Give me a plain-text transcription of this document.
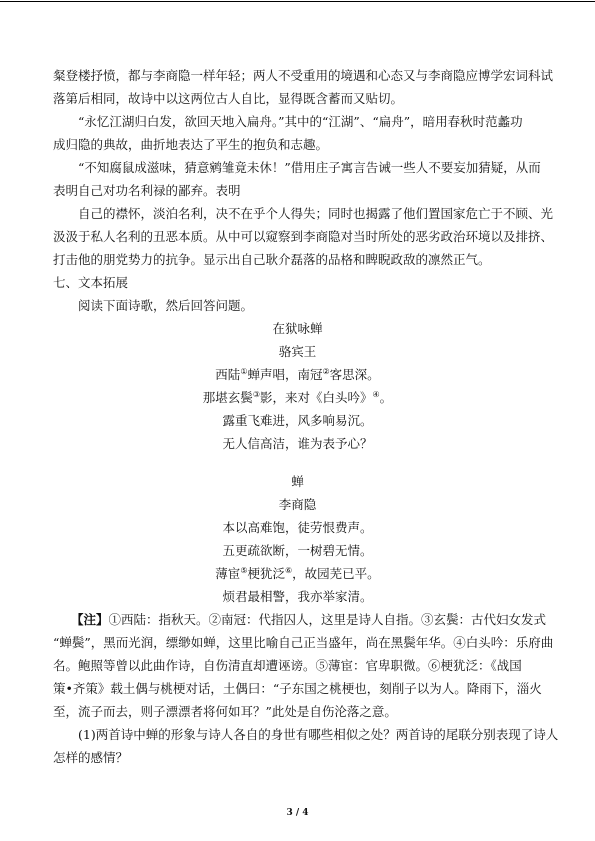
粲登楼抒愤，都与李商隐一样年轻；两人不受重用的境遇和心态又与李商隐应博学宏词科试
落第后相同，故诗中以这两位古人自比，显得既含蓄而又贴切。
“永忆江湖归白发，欲回天地入扁舟。”其中的“江湖”、“扁舟”，暗用春秋时范蠡功
成归隐的典故，曲折地表达了平生的抱负和志趣。
“不知腐鼠成滋味，猜意鹓雏竟未休！”借用庄子寓言告诫一些人不要妄加猜疑，从而
表明自己对功名利禄的鄙弃。表明
自己的襟怀，淡泊名利，决不在乎个人得失；同时也揭露了他们置国家危亡于不顾、光
汲汲于私人名利的丑恶本质。从中可以窥察到李商隐对当时所处的恶劣政治环境以及排挤、
打击他的朋党势力的抗争。显示出自己耿介磊落的品格和睥睨政敌的凛然正气。
七、文本拓展
阅读下面诗歌，然后回答问题。
在狱咏蝉
骆宾王
西陆①蝉声唱，南冠②客思深。
那堪玄鬓③影，来对《白头吟》④。
露重飞难进，风多响易沉。
无人信高洁，谁为表予心？
蝉
李商隐
本以高难饱，徒劳恨费声。
五更疏欲断，一树碧无情。
薄宦⑤梗犹泛⑥，故园芜已平。
烦君最相警，我亦举家清。
【注】①西陆：指秋天。②南冠：代指囚人，这里是诗人自指。③玄鬓：古代妇女发式
“蝉鬓”，黑而光润，缥缈如蝉，这里比喻自己正当盛年，尚在黑鬓年华。④白头吟：乐府曲
名。鲍照等曾以此曲作诗，自伤清直却遭诬谤。⑤薄宦：官卑职微。⑥梗犹泛：《战国
策•齐策》载土偶与桃梗对话，土偶曰：“子东国之桃梗也，刻削子以为人。降雨下，淄火
至，流子而去，则子漂漂者将何如耳？”此处是自伤沦落之意。
(1)两首诗中蝉的形象与诗人各自的身世有哪些相似之处？两首诗的尾联分别表现了诗人
怎样的感情？
3 / 4
